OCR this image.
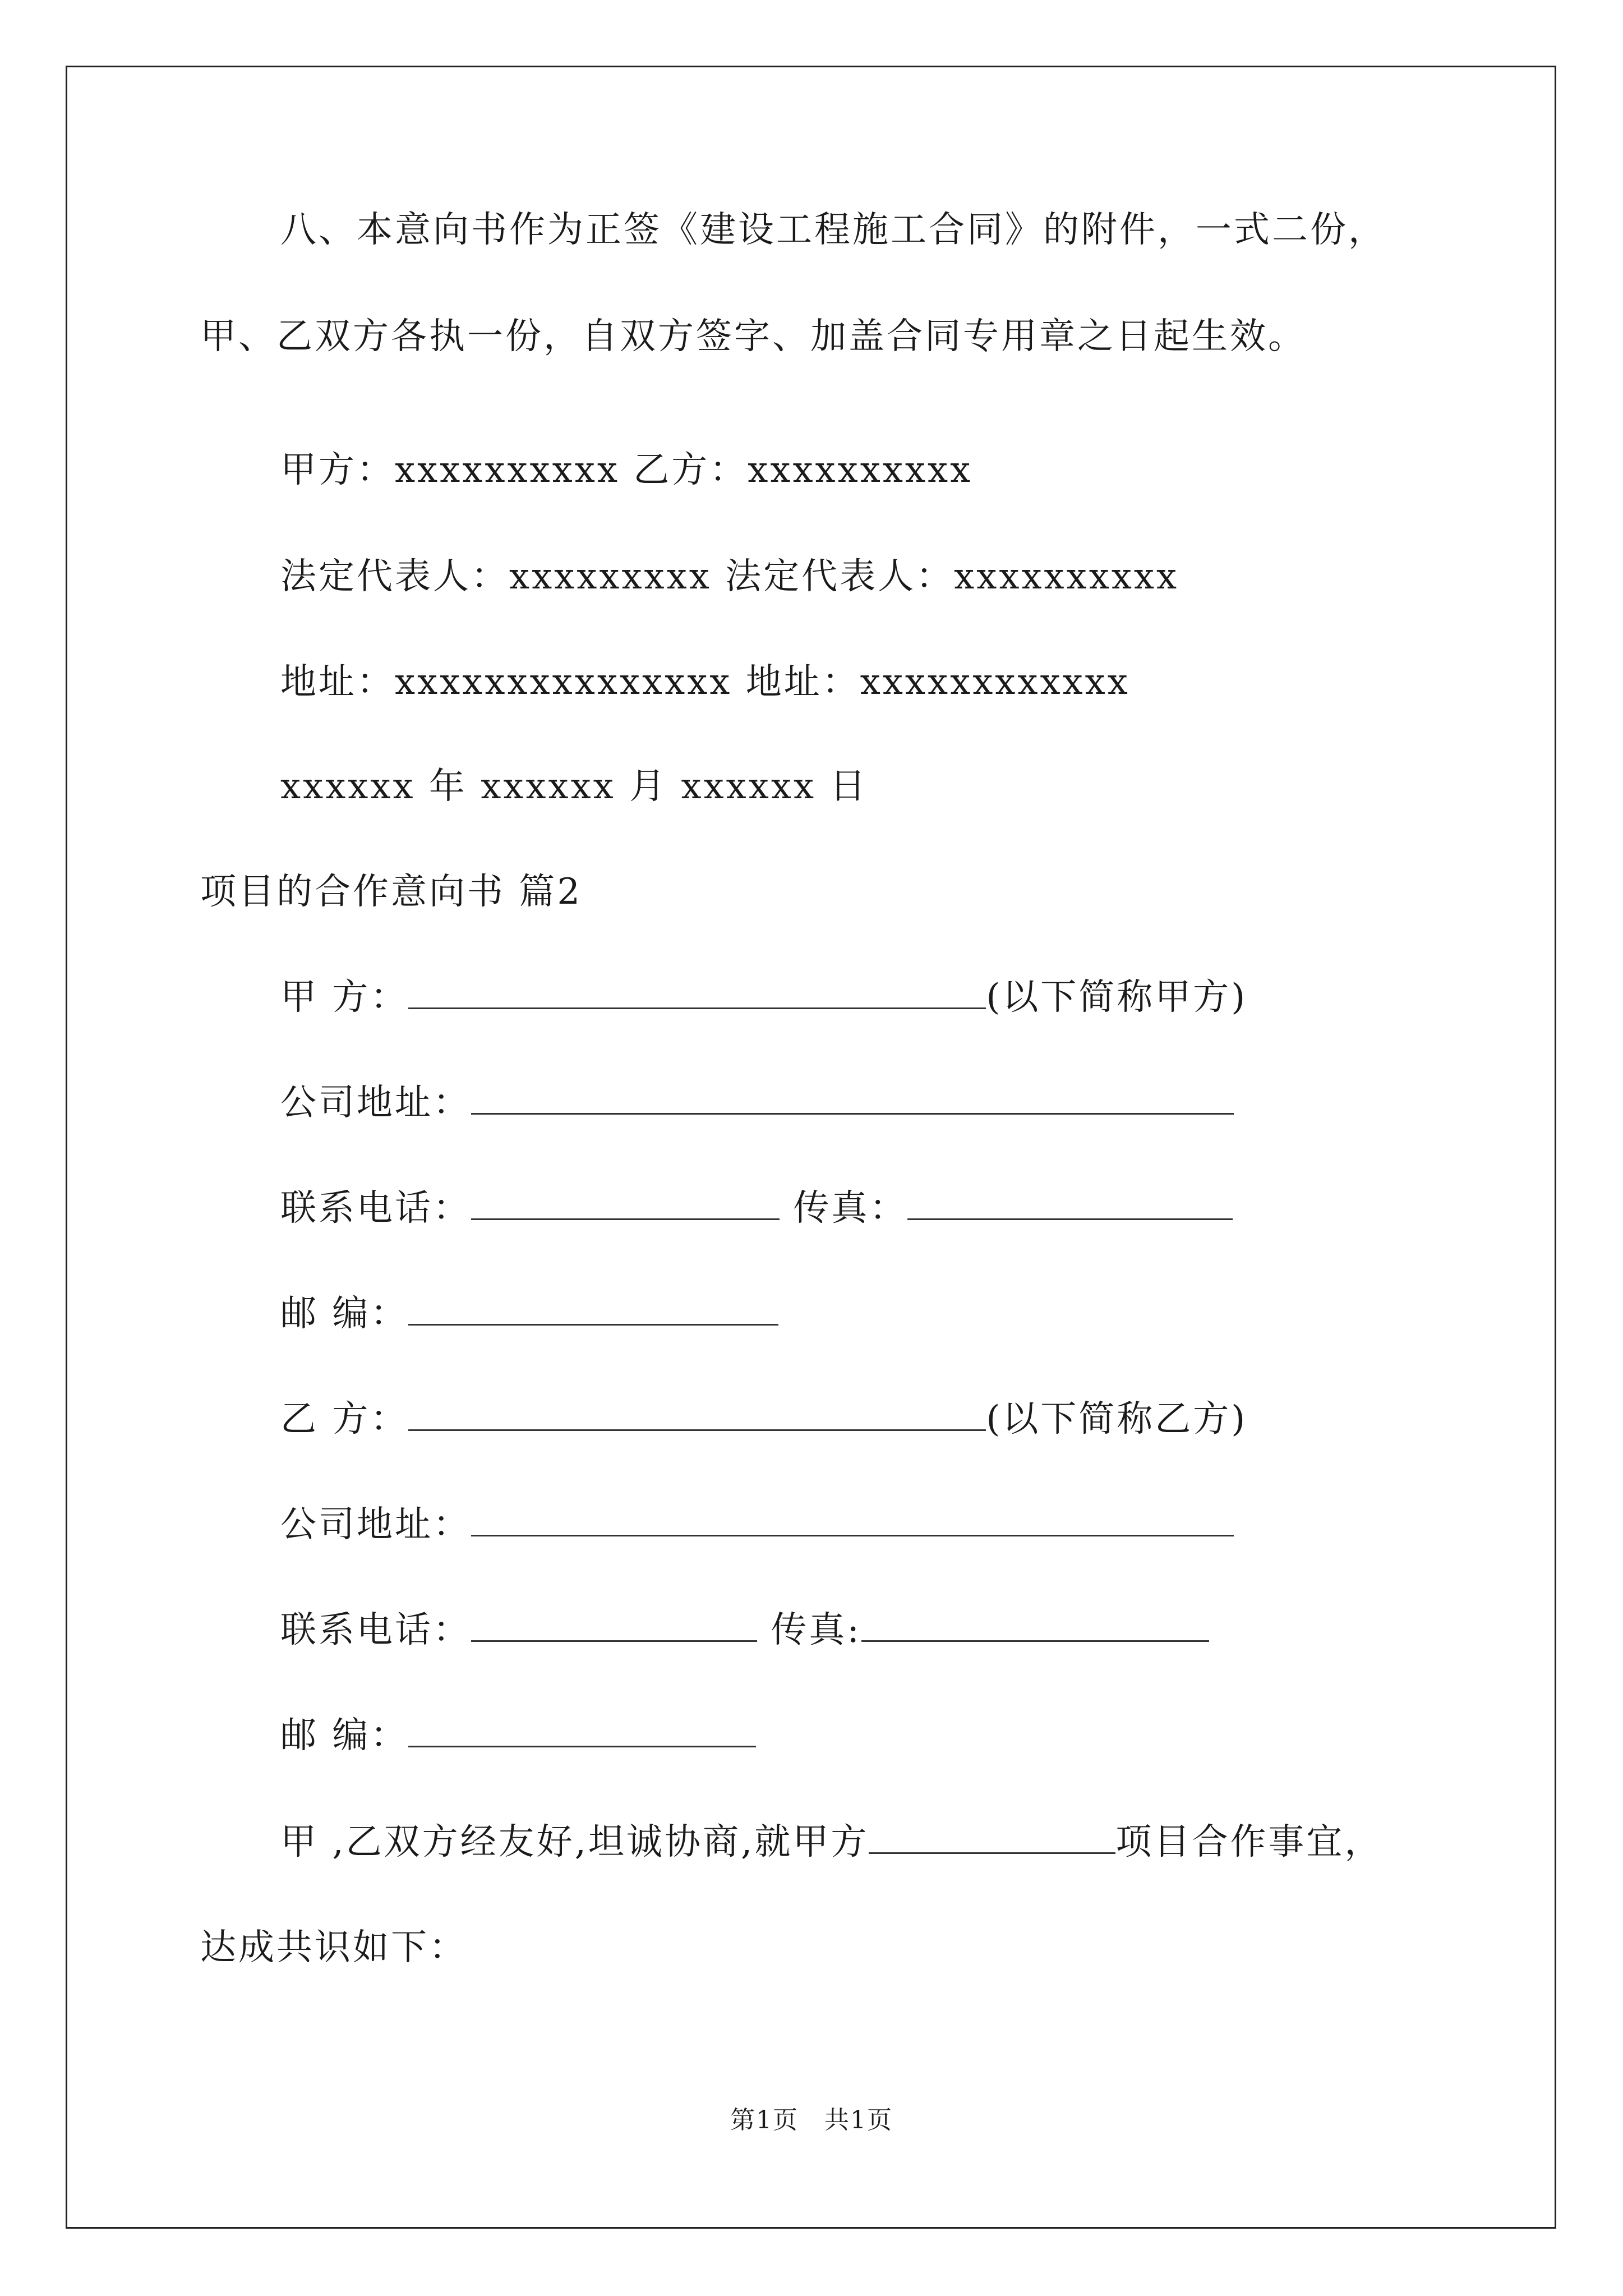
八、本意向书作为正签《建设工程施工合同》的附件，一式二份，
甲、乙双方各执一份，自双方签字、加盖合同专用章之日起生效。
甲方：xxxxxxxxxx 乙方：xxxxxxxxxx
法定代表人：xxxxxxxxx 法定代表人：xxxxxxxxxx
地址：xxxxxxxxxxxxxxx 地址：xxxxxxxxxxxx
xxxxxx 年 xxxxxx 月 xxxxxx 日
项目的合作意向书 篇2
甲 方：	(以下简称甲方)
公司地址：
联系电话：	传真：
邮 编：
乙 方：	(以下简称乙方)
公司地址：
联系电话：	传真:
邮 编：
甲 ,乙双方经友好,坦诚协商,就甲方	项目合作事宜，
达成共识如下：
第1页　共1页
